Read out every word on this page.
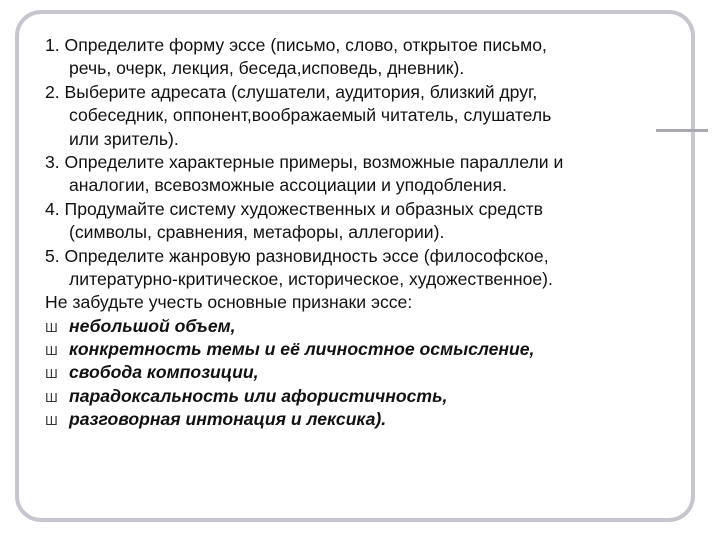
1. Определите форму эссе (письмо, слово, открытое письмо,
речь, очерк, лекция, беседа,исповедь, дневник).
2. Выберите адресата (слушатели, аудитория, близкий друг,
собеседник, оппонент,воображаемый читатель, слушатель
или зритель).
3. Определите характерные примеры, возможные параллели и
аналогии, всевозможные ассоциации и уподобления.
4. Продумайте систему художественных и образных средств
(символы, сравнения, метафоры, аллегории).
5. Определите жанровую разновидность эссе (философское,
литературно-критическое, историческое, художественное).
Не забудьте учесть основные признаки эссе:
Ш небольшой объем,
Ш конкретность темы и её личностное осмысление,
Ш свобода композиции,
Ш парадоксальность или афористичность,
Ш разговорная интонация и лексика).
